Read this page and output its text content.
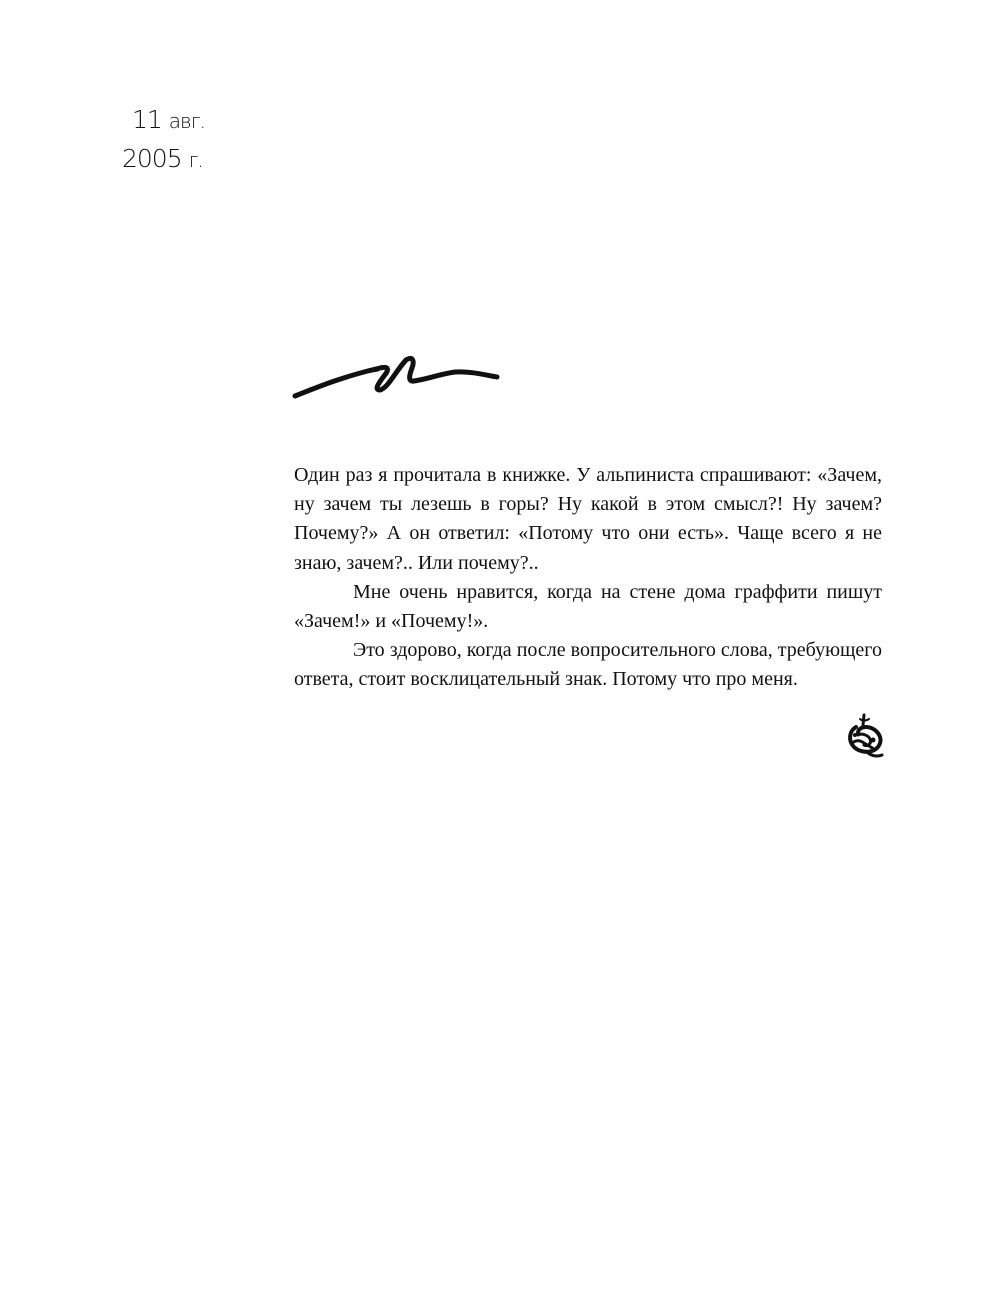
11 авг.
2005 г.

Один раз я прочитала в книжке. У альпиниста спрашивают: «Зачем, ну зачем ты лезешь в горы? Ну какой в этом смысл?! Ну зачем? Почему?» А он ответил: «Потому что они есть». Чаще всего я не знаю, зачем?.. Или почему?..

Мне очень нравится, когда на стене дома граффити пишут «Зачем!» и «Почему!».

Это здорово, когда после вопросительного слова, требующего ответа, стоит восклицательный знак. Потому что про меня.
